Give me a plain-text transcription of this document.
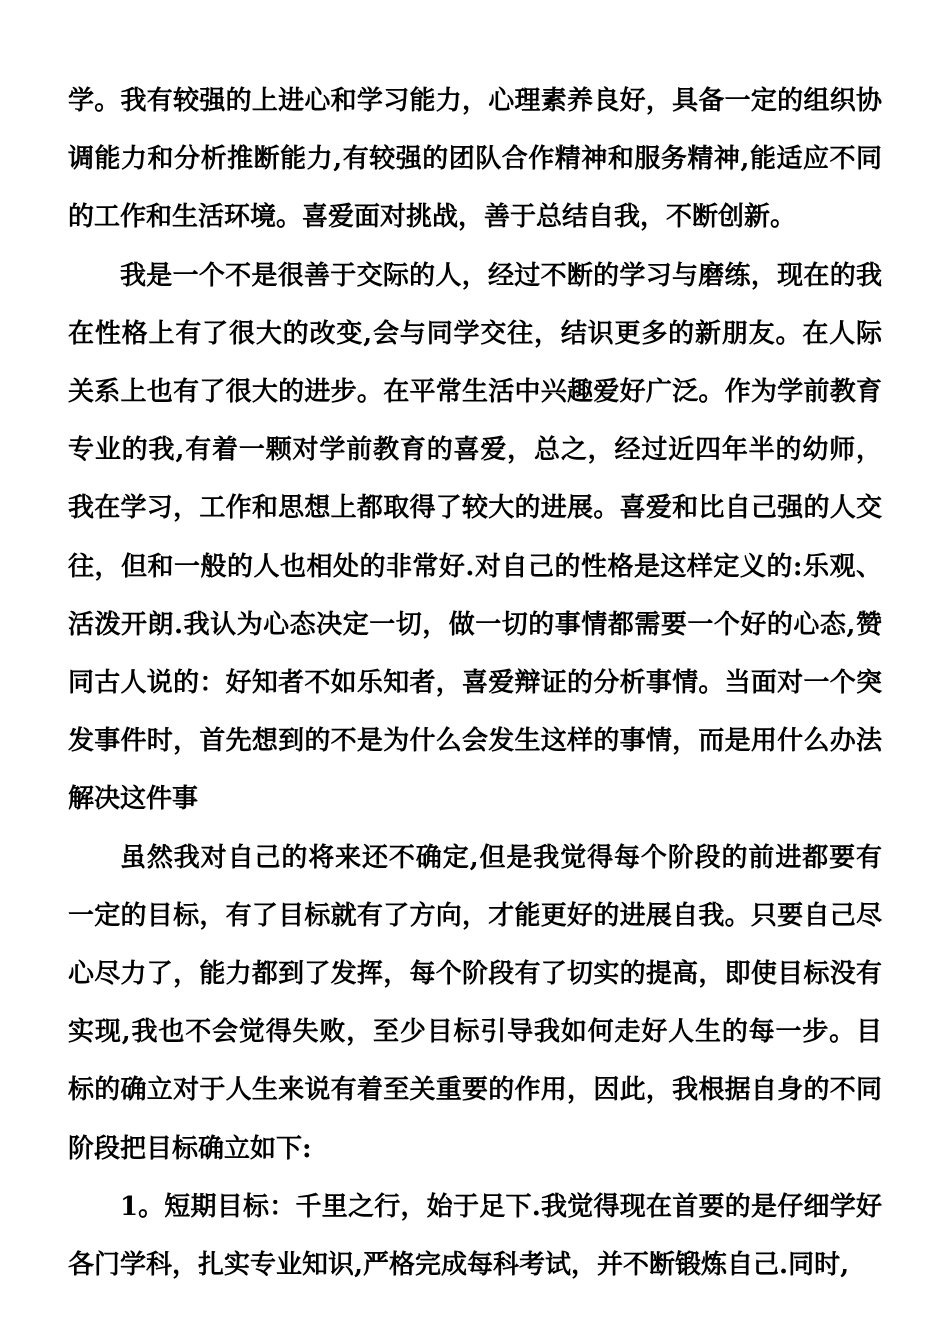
学。我有较强的上进心和学习能力，心理素养良好，具备一定的组织协调能力和分析推断能力,有较强的团队合作精神和服务精神,能适应不同的工作和生活环境。喜爱面对挑战，善于总结自我，不断创新。

我是一个不是很善于交际的人，经过不断的学习与磨练，现在的我在性格上有了很大的改变,会与同学交往，结识更多的新朋友。在人际关系上也有了很大的进步。在平常生活中兴趣爱好广泛。作为学前教育专业的我,有着一颗对学前教育的喜爱，总之，经过近四年半的幼师，我在学习，工作和思想上都取得了较大的进展。喜爱和比自己强的人交往，但和一般的人也相处的非常好.对自己的性格是这样定义的:乐观、活泼开朗.我认为心态决定一切，做一切的事情都需要一个好的心态,赞同古人说的：好知者不如乐知者，喜爱辩证的分析事情。当面对一个突发事件时，首先想到的不是为什么会发生这样的事情，而是用什么办法解决这件事

虽然我对自己的将来还不确定,但是我觉得每个阶段的前进都要有一定的目标，有了目标就有了方向，才能更好的进展自我。只要自己尽心尽力了，能力都到了发挥，每个阶段有了切实的提高，即使目标没有实现,我也不会觉得失败，至少目标引导我如何走好人生的每一步。目标的确立对于人生来说有着至关重要的作用，因此，我根据自身的不同阶段把目标确立如下:

1。短期目标：千里之行，始于足下.我觉得现在首要的是仔细学好各门学科，扎实专业知识,严格完成每科考试，并不断锻炼自己.同时,
